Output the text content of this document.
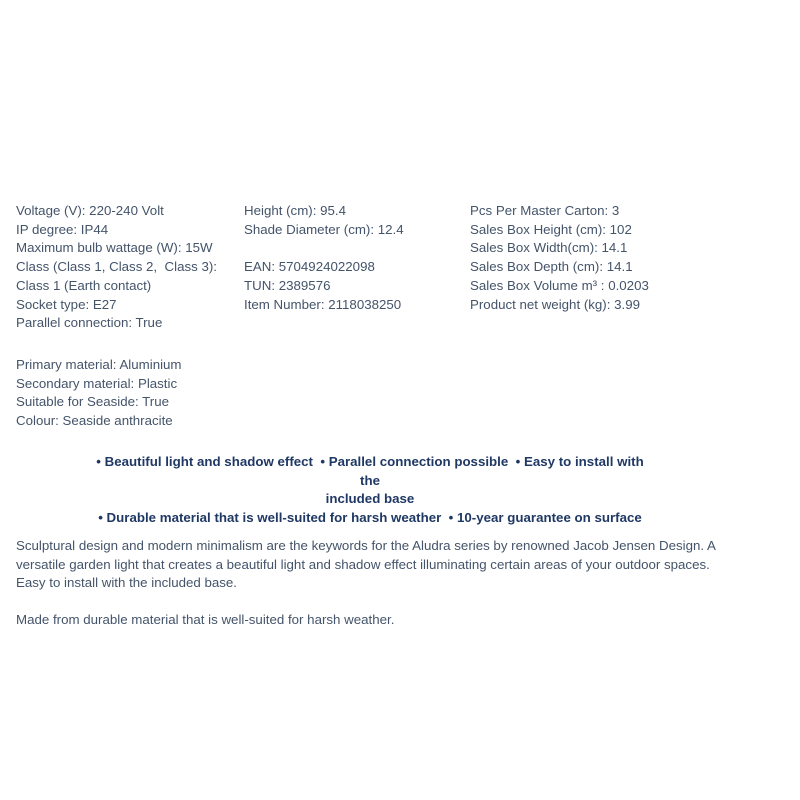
Voltage (V): 220-240 Volt
IP degree: IP44
Maximum bulb wattage (W): 15W
Class (Class 1, Class 2,  Class 3):
Class 1 (Earth contact)
Socket type: E27
Parallel connection: True
Height (cm): 95.4
Shade Diameter (cm): 12.4
EAN: 5704924022098
TUN: 2389576
Item Number: 2118038250
Pcs Per Master Carton: 3
Sales Box Height (cm): 102
Sales Box Width(cm): 14.1
Sales Box Depth (cm): 14.1
Sales Box Volume m³ : 0.0203
Product net weight (kg): 3.99
Primary material: Aluminium
Secondary material: Plastic
Suitable for Seaside: True
Colour: Seaside anthracite
• Beautiful light and shadow effect  • Parallel connection possible  • Easy to install with the
included base
• Durable material that is well-suited for harsh weather  • 10-year guarantee on surface
Sculptural design and modern minimalism are the keywords for the Aludra series by renowned Jacob Jensen Design. A versatile garden light that creates a beautiful light and shadow effect illuminating certain areas of your outdoor spaces. Easy to install with the included base.
Made from durable material that is well-suited for harsh weather.
